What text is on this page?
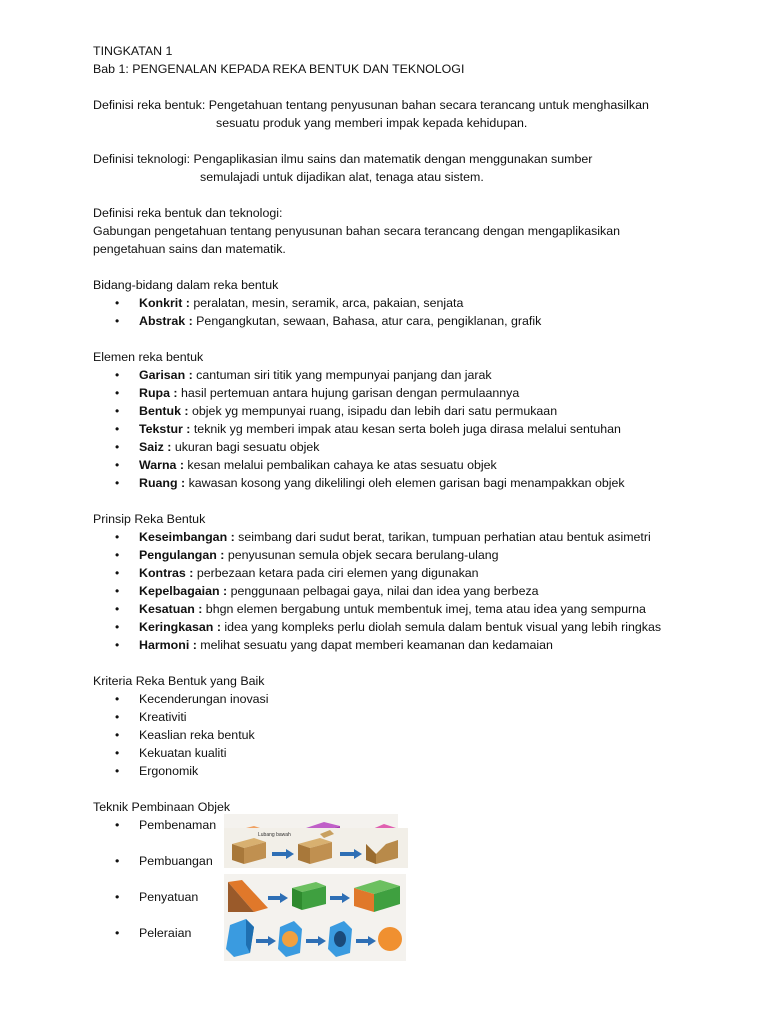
TINGKATAN 1
Bab 1: PENGENALAN KEPADA REKA BENTUK DAN TEKNOLOGI
Definisi reka bentuk: Pengetahuan tentang penyusunan bahan secara terancang untuk menghasilkan
sesuatu produk yang memberi impak kepada kehidupan.
Definisi teknologi: Pengaplikasian ilmu sains dan matematik dengan menggunakan sumber
semulajadi untuk dijadikan alat, tenaga atau sistem.
Definisi reka bentuk dan teknologi:
Gabungan pengetahuan tentang penyusunan bahan secara terancang dengan mengaplikasikan
pengetahuan sains dan matematik.
Bidang-bidang dalam reka bentuk
• Konkrit : peralatan, mesin, seramik, arca, pakaian, senjata
• Abstrak : Pengangkutan, sewaan, Bahasa, atur cara, pengiklanan, grafik
Elemen reka bentuk
• Garisan : cantuman siri titik yang mempunyai panjang dan jarak
• Rupa : hasil pertemuan antara hujung garisan dengan permulaannya
• Bentuk : objek yg mempunyai ruang, isipadu dan lebih dari satu permukaan
• Tekstur : teknik yg memberi impak atau kesan serta boleh juga dirasa melalui sentuhan
• Saiz : ukuran bagi sesuatu objek
• Warna : kesan melalui pembalikan cahaya ke atas sesuatu objek
• Ruang : kawasan kosong yang dikelilingi oleh elemen garisan bagi menampakkan objek
Prinsip Reka Bentuk
• Keseimbangan : seimbang dari sudut berat, tarikan, tumpuan perhatian atau bentuk asimetri
• Pengulangan : penyusunan semula objek secara berulang-ulang
• Kontras : perbezaan ketara pada ciri elemen yang digunakan
• Kepelbagaian : penggunaan pelbagai gaya, nilai dan idea yang berbeza
• Kesatuan : bhgn elemen bergabung untuk membentuk imej, tema atau idea yang sempurna
• Keringkasan : idea yang kompleks perlu diolah semula dalam bentuk visual yang lebih ringkas
• Harmoni : melihat sesuatu yang dapat memberi keamanan dan kedamaian
Kriteria Reka Bentuk yang Baik
• Kecenderungan inovasi
• Kreativiti
• Keaslian reka bentuk
• Kekuatan kualiti
• Ergonomik
Teknik Pembinaan Objek
• Pembenaman
• Pembuangan
Lubang bawah
• Penyatuan
• Peleraian
